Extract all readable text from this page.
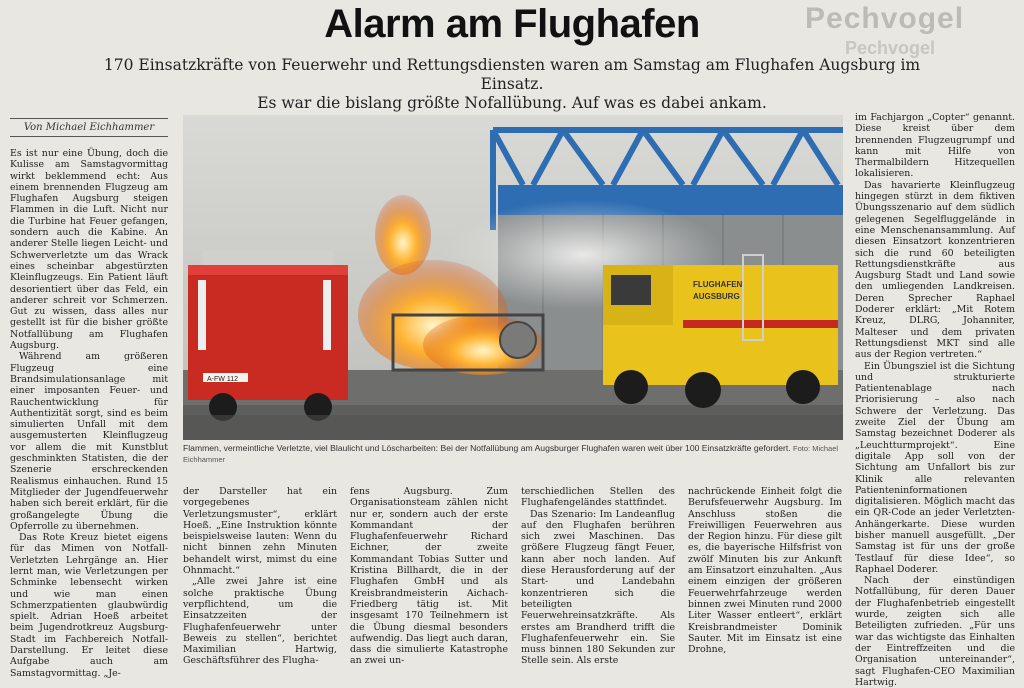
Pechvogel
Pechvogel
Alarm am Flughafen
170 Einsatzkräfte von Feuerwehr und Rettungsdiensten waren am Samstag am Flughafen Augsburg im Einsatz.
Es war die bislang größte Nofallübung. Auf was es dabei ankam.
Von Michael Eichhammer

Es ist nur eine Übung, doch die Kulisse am Samstagvormittag wirkt beklemmend echt: Aus einem brennenden Flugzeug am Flughafen Augsburg steigen Flammen in die Luft. Nicht nur die Turbine hat Feuer gefangen, sondern auch die Kabine. An anderer Stelle liegen Leicht- und Schwerverletzte um das Wrack eines scheinbar abgestürzten Kleinflugzeugs. Ein Patient läuft desorientiert über das Feld, ein anderer schreit vor Schmerzen. Gut zu wissen, dass alles nur gestellt ist für die bisher größte Notfallübung am Flughafen Augsburg.

Während am größeren Flugzeug eine Brandsimulationsanlage mit einer imposanten Feuer- und Rauchentwicklung für Authentizität sorgt, sind es beim simulierten Unfall mit dem ausgemusterten Kleinflugzeug vor allem die mit Kunstblut geschminkten Statisten, die der Szenerie erschreckenden Realismus einhauchen. Rund 15 Mitglieder der Jugendfeuerwehr haben sich bereit erklärt, für die großangelegte Übung die Opferrolle zu übernehmen.

Das Rote Kreuz bietet eigens für das Mimen von Notfall-Verletzten Lehrgänge an. Hier lernt man, wie Verletzungen per Schminke lebensecht wirken und wie man einen Schmerzpatienten glaubwürdig spielt. Adrian Hoeß arbeitet beim Jugendrotkreuz Augsburg-Stadt im Fachbereich Notfall-Darstellung. Er leitet diese Aufgabe auch am Samstagvormittag. „Je-

A-FW 112
FLUGHAFEN
AUGSBURG
Flammen, vermeintliche Verletzte, viel Blaulicht und Löscharbeiten: Bei der Notfallübung am Augsburger Flughafen waren weit über 100 Einsatzkräfte gefordert. Foto: Michael Eichhammer

der Darsteller hat ein vorgegebenes Verletzungsmuster“, erklärt Hoeß. „Eine Instruktion könnte beispielsweise lauten: Wenn du nicht binnen zehn Minuten behandelt wirst, mimst du eine Ohnmacht.“

„Alle zwei Jahre ist eine solche praktische Übung verpflichtend, um die Einsatzzeiten der Flughafenfeuerwehr unter Beweis zu stellen“, berichtet Maximilian Hartwig, Geschäftsführer des Flugha-

fens Augsburg. Zum Organisationsteam zählen nicht nur er, sondern auch der erste Kommandant der Flughafenfeuerwehr Richard Eichner, der zweite Kommandant Tobias Sutter und Kristina Billhardt, die in der Flughafen GmbH und als Kreisbrandmeisterin Aichach-Friedberg tätig ist. Mit insgesamt 170 Teilnehmern ist die Übung diesmal besonders aufwendig. Das liegt auch daran, dass die simulierte Katastrophe an zwei un-

terschiedlichen Stellen des Flughafengeländes stattfindet.

Das Szenario: Im Landeanflug auf den Flughafen berühren sich zwei Maschinen. Das größere Flugzeug fängt Feuer, kann aber noch landen. Auf diese Herausforderung auf der Start- und Landebahn konzentrieren sich die beteiligten Feuerwehreinsatzkräfte. Als erstes am Brandherd trifft die Flughafenfeuerwehr ein. Sie muss binnen 180 Sekunden zur Stelle sein. Als erste

nachrückende Einheit folgt die Berufsfeuerwehr Augsburg. Im Anschluss stoßen die Freiwilligen Feuerwehren aus der Region hinzu. Für diese gilt es, die bayerische Hilfsfrist von zwölf Minuten bis zur Ankunft am Einsatzort einzuhalten. „Aus einem einzigen der größeren Feuerwehrfahrzeuge werden binnen zwei Minuten rund 2000 Liter Wasser entleert“, erklärt Kreisbrandmeister Dominik Sauter. Mit im Einsatz ist eine Drohne,

im Fachjargon „Copter“ genannt. Diese kreist über dem brennenden Flugzeugrumpf und kann mit Hilfe von Thermalbildern Hitzequellen lokalisieren.

Das havarierte Kleinflugzeug hingegen stürzt in dem fiktiven Übungsszenario auf dem südlich gelegenen Segelfluggelände in eine Menschenansammlung. Auf diesen Einsatzort konzentrieren sich die rund 60 beteiligten Rettungsdienstkräfte aus Augsburg Stadt und Land sowie den umliegenden Landkreisen. Deren Sprecher Raphael Doderer erklärt: „Mit Rotem Kreuz, DLRG, Johanniter, Malteser und dem privaten Rettungsdienst MKT sind alle aus der Region vertreten.“

Ein Übungsziel ist die Sichtung und strukturierte Patientenablage nach Priorisierung – also nach Schwere der Verletzung. Das zweite Ziel der Übung am Samstag bezeichnet Doderer als „Leuchtturmprojekt“. Eine digitale App soll von der Sichtung am Unfallort bis zur Klinik alle relevanten Patienteninformationen digitalisieren. Möglich macht das ein QR-Code an jeder Verletzten-Anhängerkarte. Diese wurden bisher manuell ausgefüllt. „Der Samstag ist für uns der große Testlauf für diese Idee“, so Raphael Doderer.

Nach der einstündigen Notfallübung, für deren Dauer der Flughafenbetrieb eingestellt wurde, zeigten sich alle Beteiligten zufrieden. „Für uns war das wichtigste das Einhalten der Eintreffzeiten und die Organisation untereinander“, sagt Flughafen-CEO Maximilian Hartwig.
